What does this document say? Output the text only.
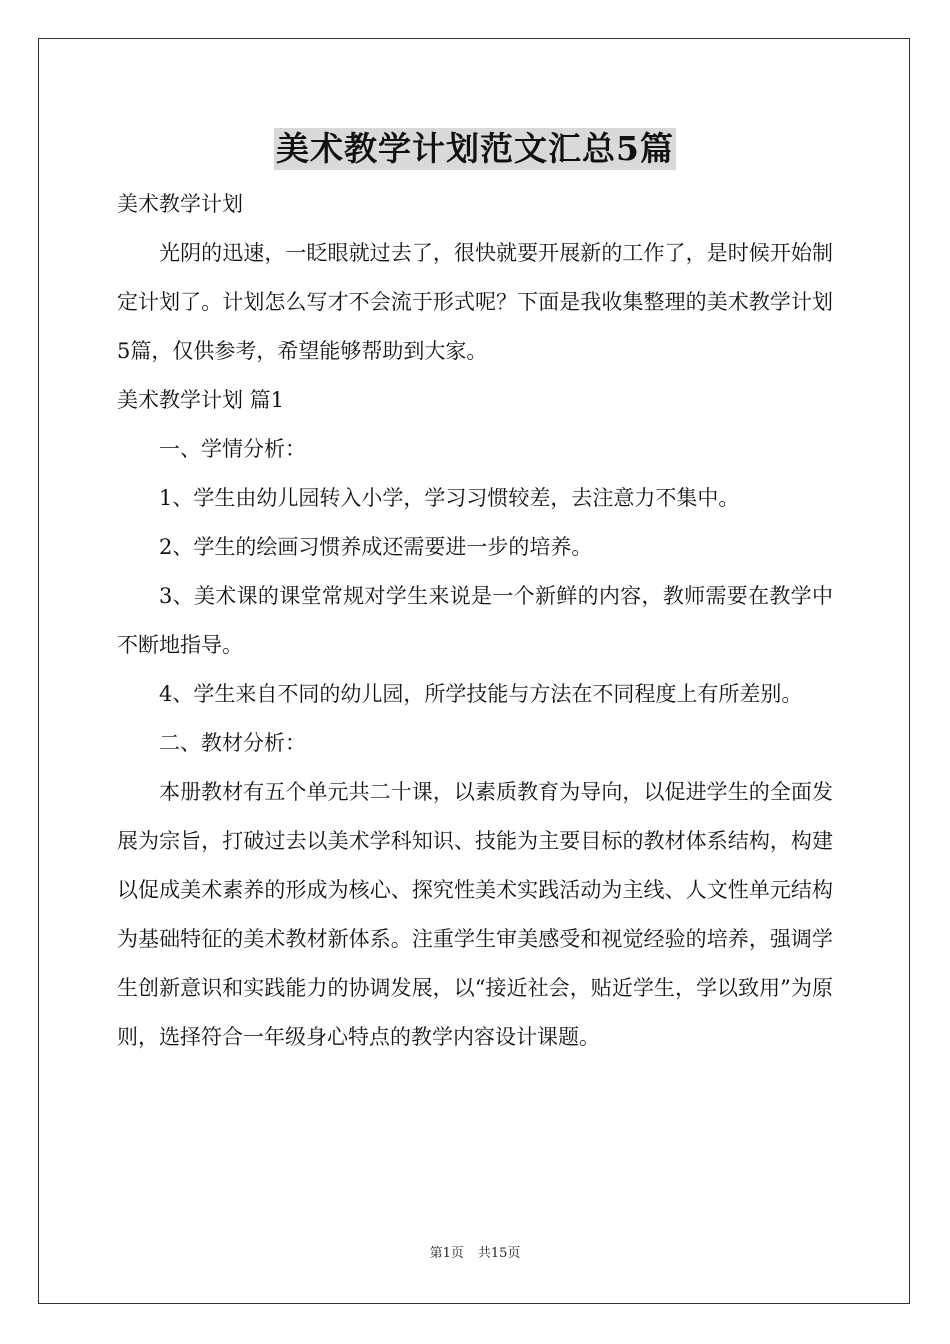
美术教学计划范文汇总5篇

美术教学计划

光阴的迅速，一眨眼就过去了，很快就要开展新的工作了，是时候开始制定计划了。计划怎么写才不会流于形式呢？下面是我收集整理的美术教学计划5篇，仅供参考，希望能够帮助到大家。

美术教学计划 篇1

一、学情分析：

1、学生由幼儿园转入小学，学习习惯较差，去注意力不集中。

2、学生的绘画习惯养成还需要进一步的培养。

3、美术课的课堂常规对学生来说是一个新鲜的内容，教师需要在教学中不断地指导。

4、学生来自不同的幼儿园，所学技能与方法在不同程度上有所差别。

二、教材分析：

本册教材有五个单元共二十课，以素质教育为导向，以促进学生的全面发展为宗旨，打破过去以美术学科知识、技能为主要目标的教材体系结构，构建以促成美术素养的形成为核心、探究性美术实践活动为主线、人文性单元结构为基础特征的美术教材新体系。注重学生审美感受和视觉经验的培养，强调学生创新意识和实践能力的协调发展，以“接近社会，贴近学生，学以致用”为原则，选择符合一年级身心特点的教学内容设计课题。

第1页 共15页
